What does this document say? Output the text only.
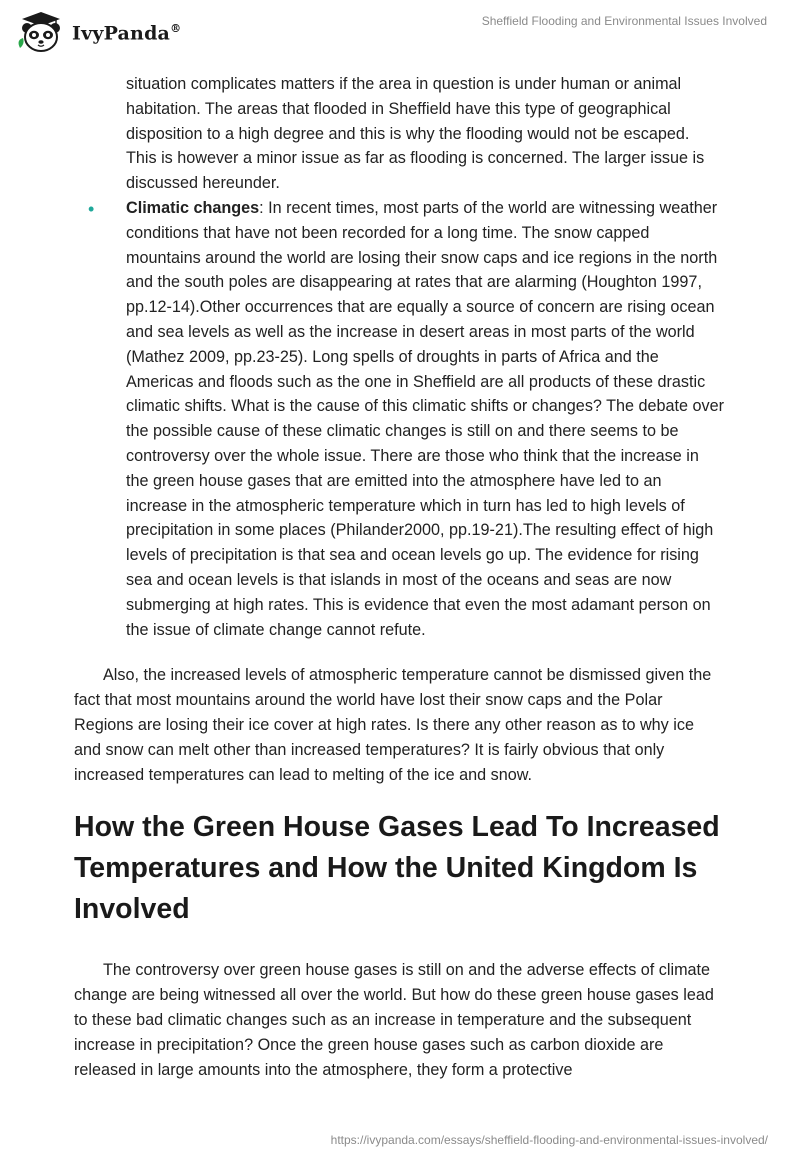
IvyPanda®
Sheffield Flooding and Environmental Issues Involved

situation complicates matters if the area in question is under human or animal habitation. The areas that flooded in Sheffield have this type of geographical disposition to a high degree and this is why the flooding would not be escaped. This is however a minor issue as far as flooding is concerned. The larger issue is discussed hereunder.

• Climatic changes: In recent times, most parts of the world are witnessing weather conditions that have not been recorded for a long time. The snow capped mountains around the world are losing their snow caps and ice regions in the north and the south poles are disappearing at rates that are alarming (Houghton 1997, pp.12-14).Other occurrences that are equally a source of concern are rising ocean and sea levels as well as the increase in desert areas in most parts of the world (Mathez 2009, pp.23-25). Long spells of droughts in parts of Africa and the Americas and floods such as the one in Sheffield are all products of these drastic climatic shifts. What is the cause of this climatic shifts or changes? The debate over the possible cause of these climatic changes is still on and there seems to be controversy over the whole issue. There are those who think that the increase in the green house gases that are emitted into the atmosphere have led to an increase in the atmospheric temperature which in turn has led to high levels of precipitation in some places (Philander2000, pp.19-21).The resulting effect of high levels of precipitation is that sea and ocean levels go up. The evidence for rising sea and ocean levels is that islands in most of the oceans and seas are now submerging at high rates. This is evidence that even the most adamant person on the issue of climate change cannot refute.

Also, the increased levels of atmospheric temperature cannot be dismissed given the fact that most mountains around the world have lost their snow caps and the Polar Regions are losing their ice cover at high rates. Is there any other reason as to why ice and snow can melt other than increased temperatures? It is fairly obvious that only increased temperatures can lead to melting of the ice and snow.

How the Green House Gases Lead To Increased Temperatures and How the United Kingdom Is Involved

The controversy over green house gases is still on and the adverse effects of climate change are being witnessed all over the world. But how do these green house gases lead to these bad climatic changes such as an increase in temperature and the subsequent increase in precipitation? Once the green house gases such as carbon dioxide are released in large amounts into the atmosphere, they form a protective

https://ivypanda.com/essays/sheffield-flooding-and-environmental-issues-involved/
